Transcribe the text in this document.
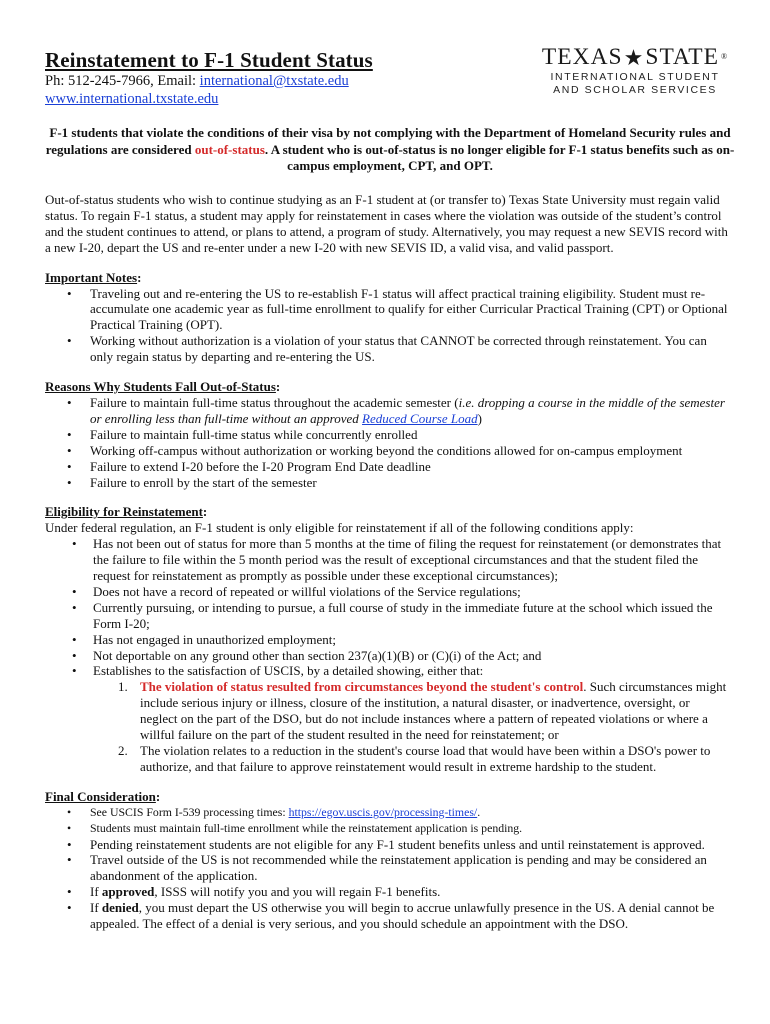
Reinstatement to F-1 Student Status
Ph: 512-245-7966, Email: international@txstate.edu
www.international.txstate.edu
TEXAS★STATE ®
INTERNATIONAL STUDENT
AND SCHOLAR SERVICES

F-1 students that violate the conditions of their visa by not complying with the Department of Homeland Security rules and regulations are considered out-of-status. A student who is out-of-status is no longer eligible for F-1 status benefits such as on-campus employment, CPT, and OPT.

Out-of-status students who wish to continue studying as an F-1 student at (or transfer to) Texas State University must regain valid status. To regain F-1 status, a student may apply for reinstatement in cases where the violation was outside of the student’s control and the student continues to attend, or plans to attend, a program of study. Alternatively, you may request a new SEVIS record with a new I-20, depart the US and re-enter under a new I-20 with new SEVIS ID, a valid visa, and valid passport.

Important Notes:

• Traveling out and re-entering the US to re-establish F-1 status will affect practical training eligibility. Student must re-accumulate one academic year as full-time enrollment to qualify for either Curricular Practical Training (CPT) or Optional Practical Training (OPT).
• Working without authorization is a violation of your status that CANNOT be corrected through reinstatement. You can only regain status by departing and re-entering the US.

Reasons Why Students Fall Out-of-Status:

• Failure to maintain full-time status throughout the academic semester (i.e. dropping a course in the middle of the semester or enrolling less than full-time without an approved Reduced Course Load)
• Failure to maintain full-time status while concurrently enrolled
• Working off-campus without authorization or working beyond the conditions allowed for on-campus employment
• Failure to extend I-20 before the I-20 Program End Date deadline
• Failure to enroll by the start of the semester

Eligibility for Reinstatement:

Under federal regulation, an F-1 student is only eligible for reinstatement if all of the following conditions apply:

• Has not been out of status for more than 5 months at the time of filing the request for reinstatement (or demonstrates that the failure to file within the 5 month period was the result of exceptional circumstances and that the student filed the request for reinstatement as promptly as possible under these exceptional circumstances);
• Does not have a record of repeated or willful violations of the Service regulations;
• Currently pursuing, or intending to pursue, a full course of study in the immediate future at the school which issued the Form I-20;
• Has not engaged in unauthorized employment;
• Not deportable on any ground other than section 237(a)(1)(B) or (C)(i) of the Act; and
• Establishes to the satisfaction of USCIS, by a detailed showing, either that:
1. The violation of status resulted from circumstances beyond the student's control. Such circumstances might include serious injury or illness, closure of the institution, a natural disaster, or inadvertence, oversight, or neglect on the part of the DSO, but do not include instances where a pattern of repeated violations or where a willful failure on the part of the student resulted in the need for reinstatement; or
2. The violation relates to a reduction in the student's course load that would have been within a DSO's power to authorize, and that failure to approve reinstatement would result in extreme hardship to the student.

Final Consideration:

• See USCIS Form I-539 processing times: https://egov.uscis.gov/processing-times/.
• Students must maintain full-time enrollment while the reinstatement application is pending.
• Pending reinstatement students are not eligible for any F-1 student benefits unless and until reinstatement is approved.
• Travel outside of the US is not recommended while the reinstatement application is pending and may be considered an abandonment of the application.
• If approved, ISSS will notify you and you will regain F-1 benefits.
• If denied, you must depart the US otherwise you will begin to accrue unlawfully presence in the US. A denial cannot be appealed. The effect of a denial is very serious, and you should schedule an appointment with the DSO.
